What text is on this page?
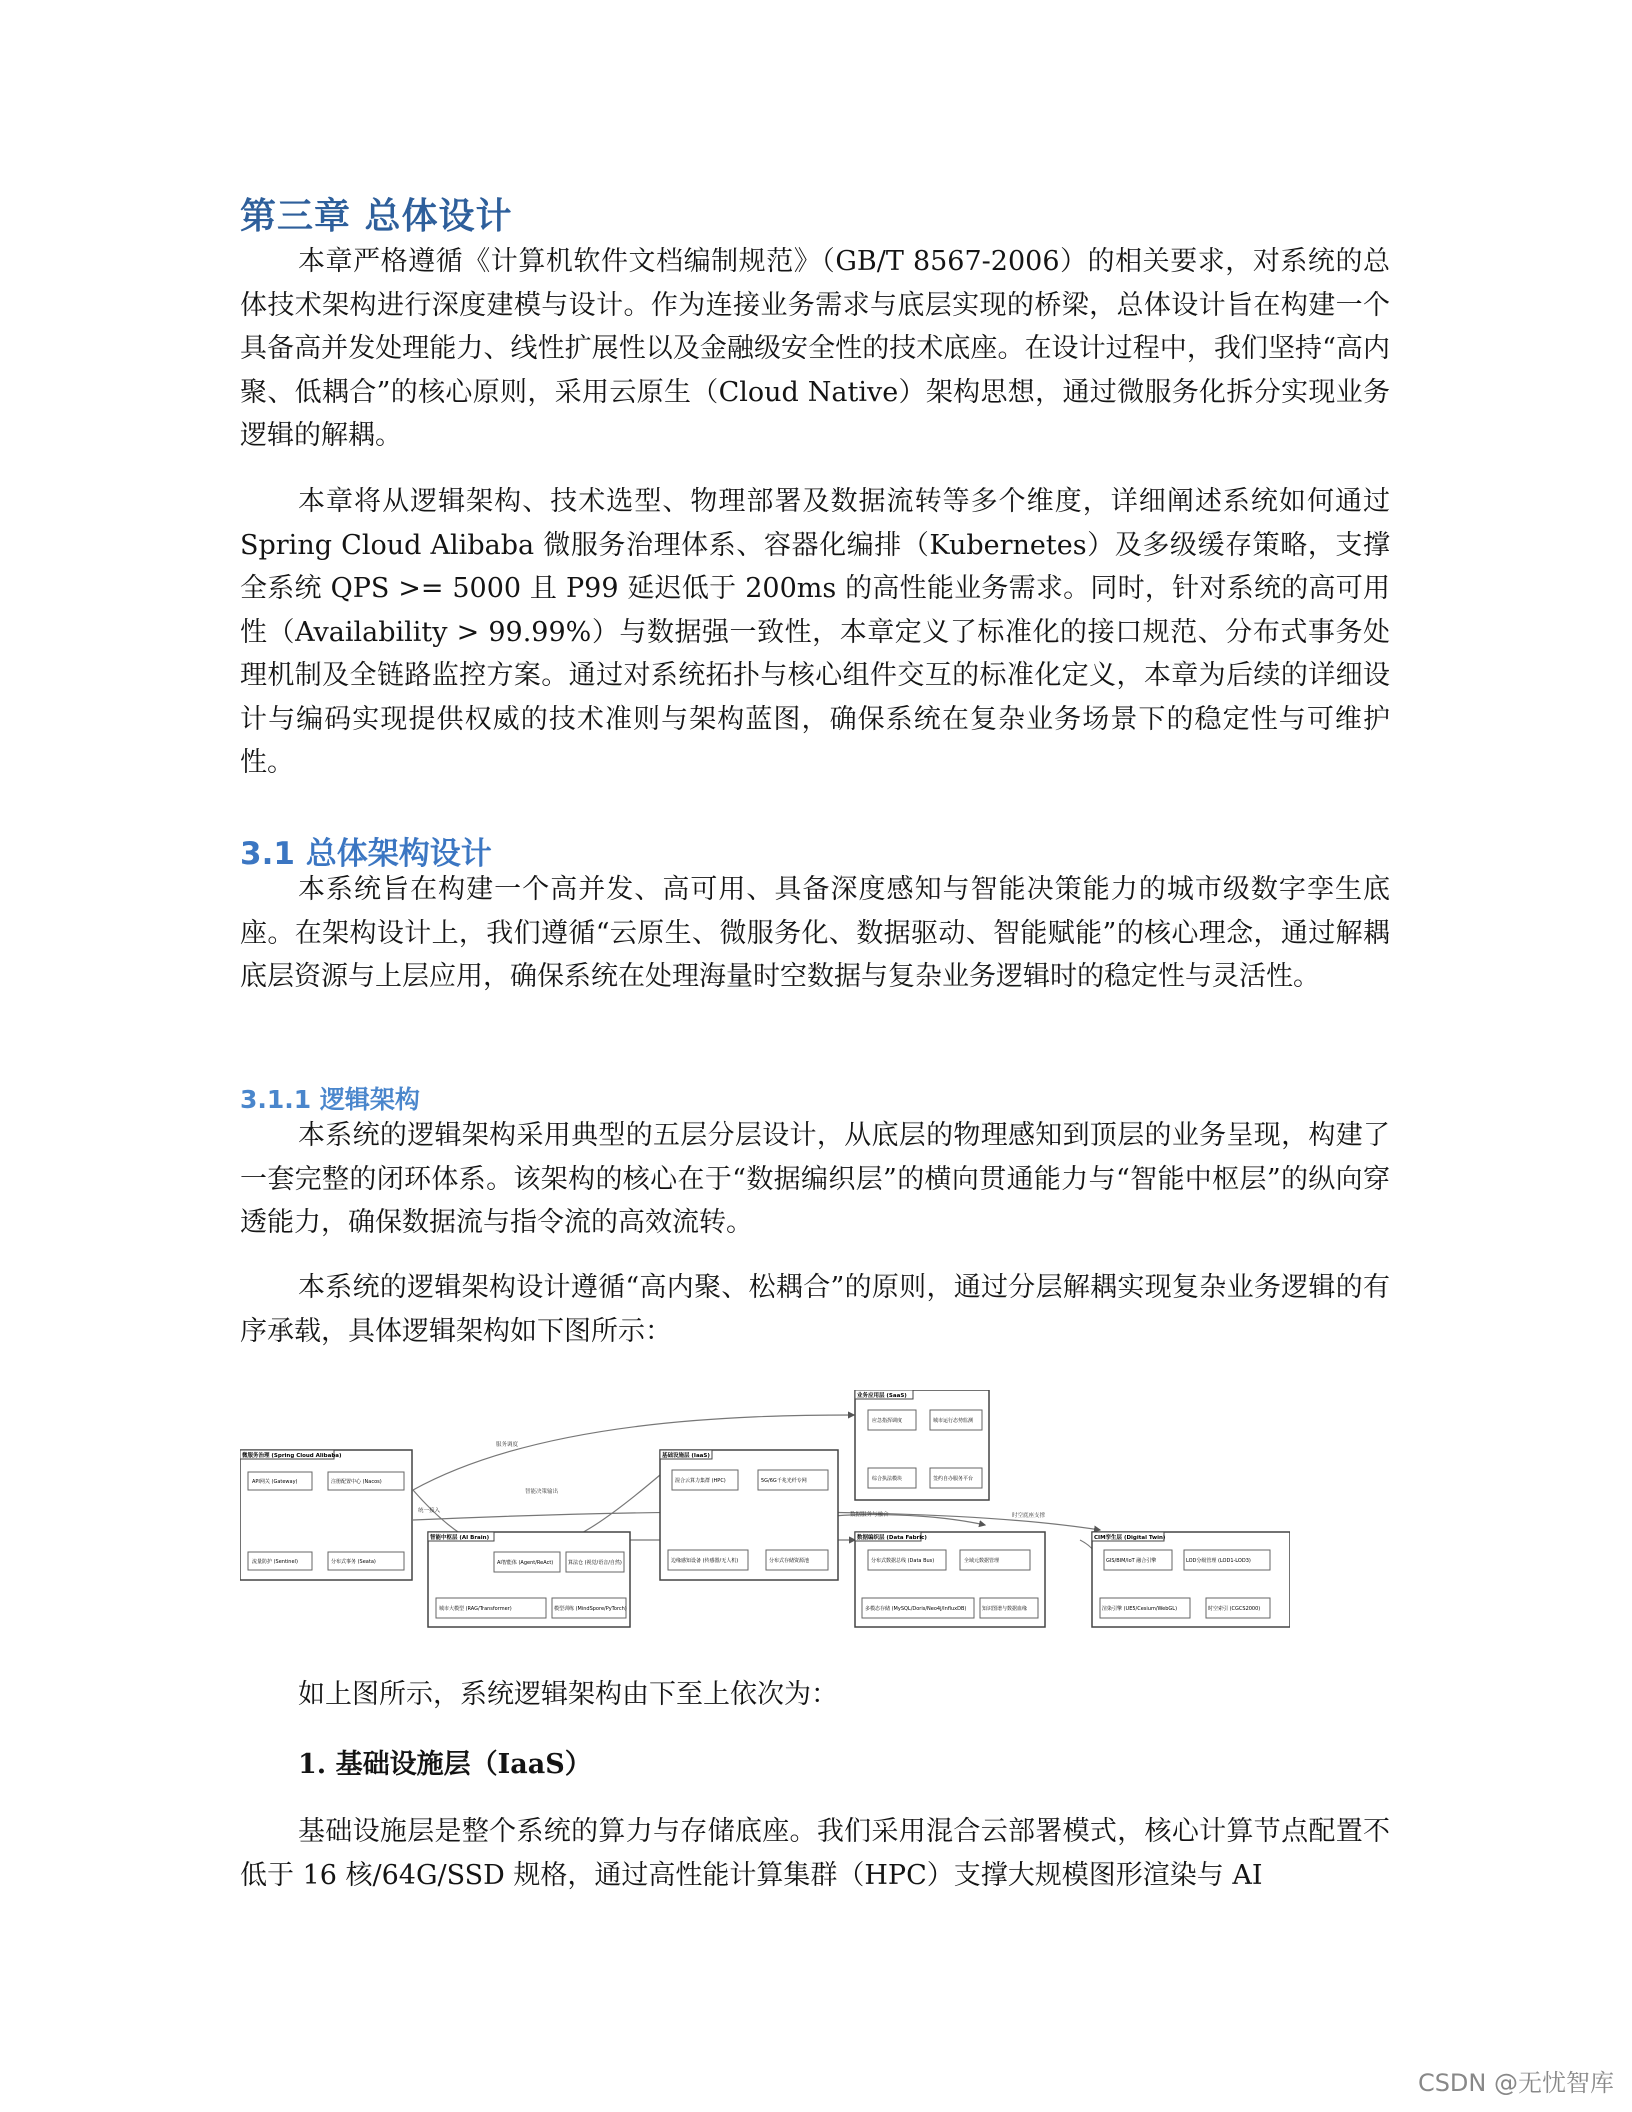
第三章 总体设计

本章严格遵循《计算机软件文档编制规范》（GB/T 8567-2006）的相关要求，对系统的总体技术架构进行深度建模与设计。作为连接业务需求与底层实现的桥梁，总体设计旨在构建一个具备高并发处理能力、线性扩展性以及金融级安全性的技术底座。在设计过程中，我们坚持“高内聚、低耦合”的核心原则，采用云原生（Cloud Native）架构思想，通过微服务化拆分实现业务逻辑的解耦。

本章将从逻辑架构、技术选型、物理部署及数据流转等多个维度，详细阐述系统如何通过 Spring Cloud Alibaba 微服务治理体系、容器化编排（Kubernetes）及多级缓存策略，支撑全系统 QPS >= 5000 且 P99 延迟低于 200ms 的高性能业务需求。同时，针对系统的高可用性（Availability > 99.99%）与数据强一致性，本章定义了标准化的接口规范、分布式事务处理机制及全链路监控方案。通过对系统拓扑与核心组件交互的标准化定义，本章为后续的详细设计与编码实现提供权威的技术准则与架构蓝图，确保系统在复杂业务场景下的稳定性与可维护性。

3.1 总体架构设计

本系统旨在构建一个高并发、高可用、具备深度感知与智能决策能力的城市级数字孪生底座。在架构设计上，我们遵循“云原生、微服务化、数据驱动、智能赋能”的核心理念，通过解耦底层资源与上层应用，确保系统在处理海量时空数据与复杂业务逻辑时的稳定性与灵活性。

3.1.1 逻辑架构

本系统的逻辑架构采用典型的五层分层设计，从底层的物理感知到顶层的业务呈现，构建了一套完整的闭环体系。该架构的核心在于“数据编织层”的横向贯通能力与“智能中枢层”的纵向穿透能力，确保数据流与指令流的高效流转。

本系统的逻辑架构设计遵循“高内聚、松耦合”的原则，通过分层解耦实现复杂业务逻辑的有序承载，具体逻辑架构如下图所示：

服务调度
智能决策输出
统一接入
数据服务与融合	时空底座支撑
业务应用层 (SaaS)
应急指挥调度	城市运行态势监测
综合执法模块	签约自办服务平台
微服务治理 (Spring Cloud Alibaba)
API网关 (Gateway)	注册配置中心 (Nacos)
流量防护 (Sentinel)	分布式事务 (Seata)
基础设施层 (IaaS)
混合云算力集群 (HPC)	5G/6G千兆光纤专网
边缘感知设备 (传感器/无人机)	分布式存储资源池
智能中枢层 (AI Brain)
AI智能体 (Agent/ReAct)	算法仓 (视觉/语音/自然)
城市大模型 (RAG/Transformer)	模型训练 (MindSpore/PyTorch)
数据编织层 (Data Fabric)
分布式数据总线 (Data Bus)	全域元数据管理
多模态存储 (MySQL/Doris/Neo4j/InfluxDB)	知识图谱与数据血缘
CIM孪生层 (Digital Twin)
GIS/BIM/IoT 融合引擎	LOD分级管理 (LOD1-LOD3)
渲染引擎 (UE5/Cesium/WebGL)	时空索引 (CGCS2000)

如上图所示，系统逻辑架构由下至上依次为：

1. 基础设施层（IaaS）

基础设施层是整个系统的算力与存储底座。我们采用混合云部署模式，核心计算节点配置不低于 16 核/64G/SSD 规格，通过高性能计算集群（HPC）支撑大规模图形渲染与 AI

CSDN @无忧智库
